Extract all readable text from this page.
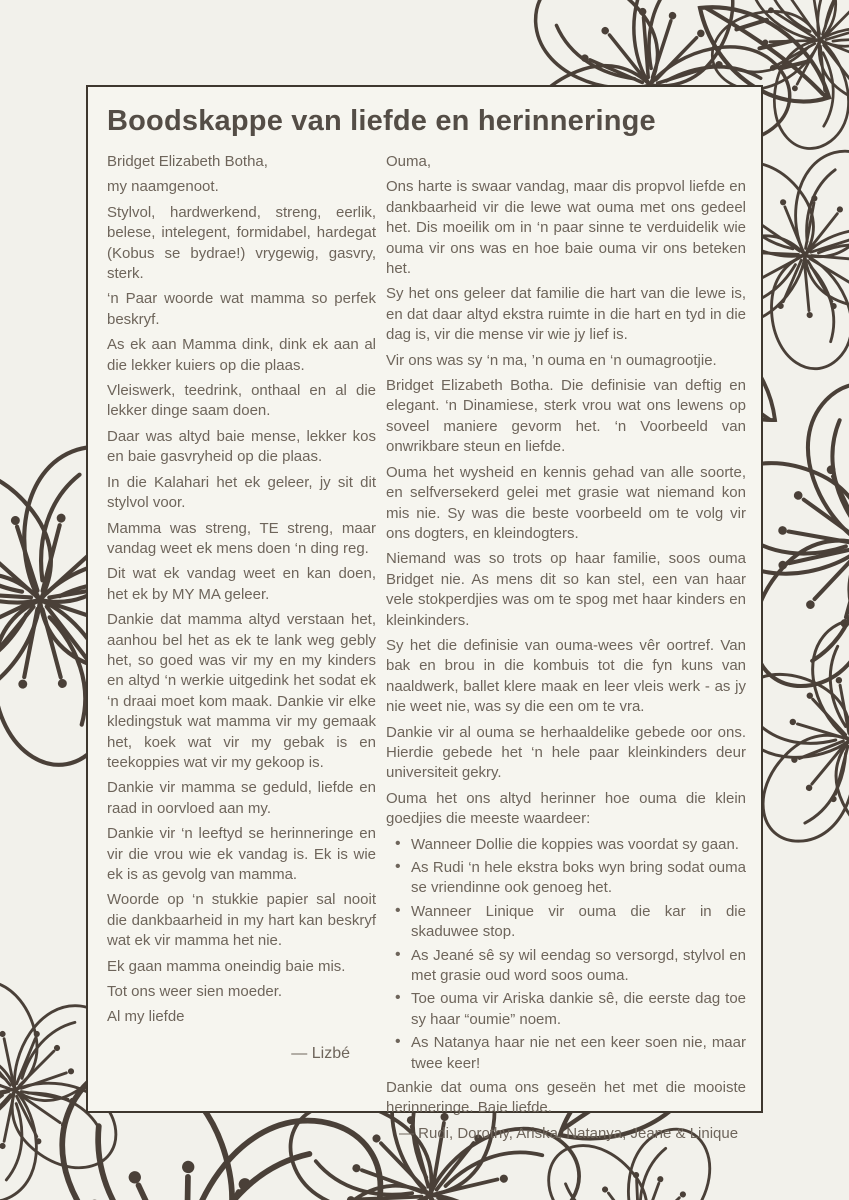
Boodskappe van liefde en herinneringe

Bridget Elizabeth Botha,

my naamgenoot.

Stylvol, hardwerkend, streng, eerlik, belese, intelegent, formidabel, hardegat (Kobus se bydrae!) vrygewig, gasvry, sterk.

‘n Paar woorde wat mamma so perfek beskryf.

As ek aan Mamma dink, dink ek aan al die lekker kuiers op die plaas.

Vleiswerk, teedrink, onthaal en al die lekker dinge saam doen.

Daar was altyd baie mense, lekker kos en baie gasvryheid op die plaas.

In die Kalahari het ek geleer, jy sit dit stylvol voor.

Mamma was streng, TE streng, maar vandag weet ek mens doen ‘n ding reg.

Dit wat ek vandag weet en kan doen, het ek by MY MA geleer.

Dankie dat mamma altyd verstaan het, aanhou bel het as ek te lank weg gebly het, so goed was vir my en my kinders en altyd ‘n werkie uitgedink het sodat ek ‘n draai moet kom maak. Dankie vir elke kledingstuk wat mamma vir my gemaak het, koek wat vir my gebak is en teekoppies wat vir my gekoop is.

Dankie vir mamma se geduld, liefde en raad in oorvloed aan my.

Dankie vir ‘n leeftyd se herinneringe en vir die vrou wie ek vandag is. Ek is wie ek is as gevolg van mamma.

Woorde op ‘n stukkie papier sal nooit die dankbaarheid in my hart kan beskryf wat ek vir mamma het nie.

Ek gaan mamma oneindig baie mis.

Tot ons weer sien moeder.

Al my liefde

— Lizbé

Ouma,

Ons harte is swaar vandag, maar dis propvol liefde en dankbaarheid vir die lewe wat ouma met ons gedeel het. Dis moeilik om in ‘n paar sinne te verduidelik wie ouma vir ons was en hoe baie ouma vir ons beteken het.

Sy het ons geleer dat familie die hart van die lewe is, en dat daar altyd ekstra ruimte in die hart en tyd in die dag is, vir die mense vir wie jy lief is.

Vir ons was sy ‘n ma, ’n ouma en ‘n oumagrootjie.

Bridget Elizabeth Botha. Die definisie van deftig en elegant. ‘n Dinamiese, sterk vrou wat ons lewens op soveel maniere gevorm het. ‘n Voorbeeld van onwrikbare steun en liefde.

Ouma het wysheid en kennis gehad van alle soorte, en selfversekerd gelei met grasie wat niemand kon mis nie. Sy was die beste voorbeeld om te volg vir ons dogters, en kleindogters.

Niemand was so trots op haar familie, soos ouma Bridget nie. As mens dit so kan stel, een van haar vele stokperdjies was om te spog met haar kinders en kleinkinders.

Sy het die definisie van ouma-wees vêr oortref. Van bak en brou in die kombuis tot die fyn kuns van naaldwerk, ballet klere maak en leer vleis werk - as jy nie weet nie, was sy die een om te vra.

Dankie vir al ouma se herhaaldelike gebede oor ons. Hierdie gebede het ‘n hele paar kleinkinders deur universiteit gekry.

Ouma het ons altyd herinner hoe ouma die klein goedjies die meeste waardeer:

• Wanneer Dollie die koppies was voordat sy gaan.
• As Rudi ‘n hele ekstra boks wyn bring sodat ouma se vriendinne ook genoeg het.
• Wanneer Linique vir ouma die kar in die skaduwee stop.
• As Jeané sê sy wil eendag so versorgd, stylvol en met grasie oud word soos ouma.
• Toe ouma vir Ariska dankie sê, die eerste dag toe sy haar “oumie” noem.
• As Natanya haar nie net een keer soen nie, maar twee keer!

Dankie dat ouma ons geseën het met die mooiste herinneringe. Baie liefde.

— Rudi, Dorothy, Ariska, Natanya, Jeane & Linique
